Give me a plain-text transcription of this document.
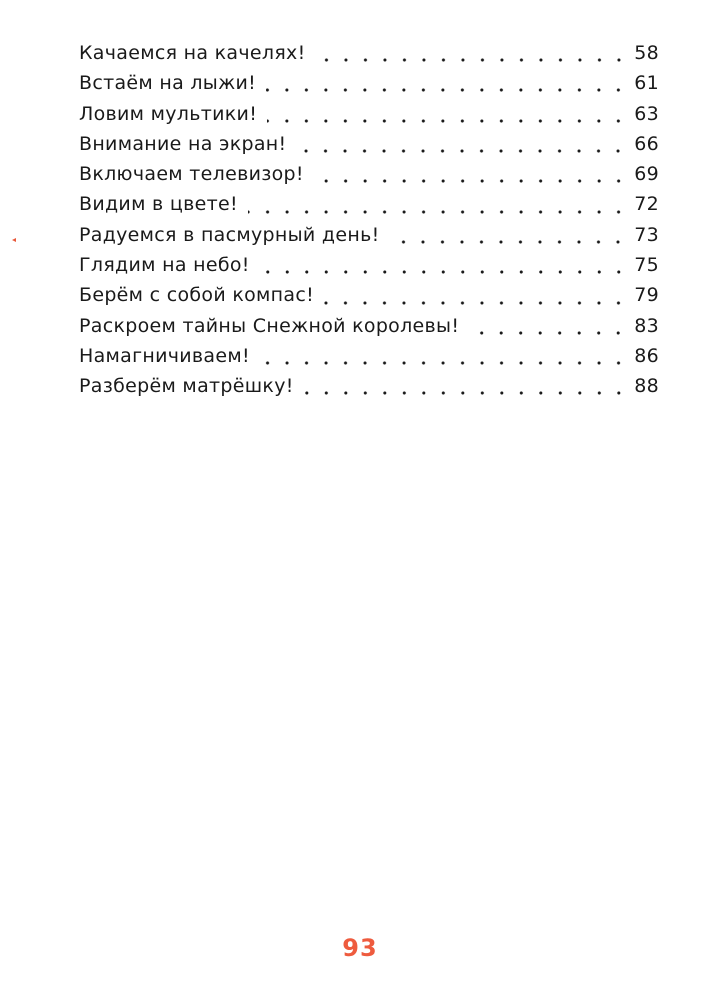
Качаемся на качелях!	58
Встаём на лыжи!	61
Ловим мультики!	63
Внимание на экран!	66
Включаем телевизор!	69
Видим в цвете!	72
Радуемся в пасмурный день!	73
Глядим на небо!	75
Берём с собой компас!	79
Раскроем тайны Снежной королевы!	83
Намагничиваем!	86
Разберём матрёшку!	88
93
